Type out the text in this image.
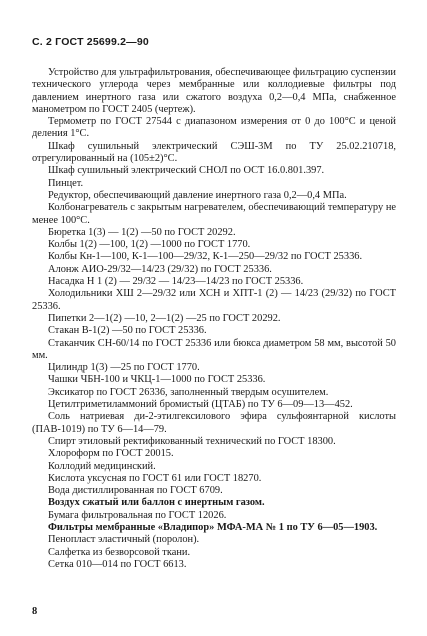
С. 2 ГОСТ 25699.2—90

Устройство для ультрафильтрования, обеспечивающее фильтрацию суспензии технического углерода через мембранные или коллодиевые фильтры под давлением инертного газа или сжатого воздуха 0,2—0,4 МПа, снабженное манометром по ГОСТ 2405 (чертеж).

Термометр по ГОСТ 27544 с диапазоном измерения от 0 до 100°С и ценой деления 1°С.

Шкаф сушильный электрический СЭШ-3М по ТУ 25.02.210718, отрегулированный на (105±2)°С.

Шкаф сушильный электрический СНОЛ по ОСТ 16.0.801.397.

Пинцет.

Редуктор, обеспечивающий давление инертного газа 0,2—0,4 МПа.

Колбонагреватель с закрытым нагревателем, обеспечивающий температуру не менее 100°С.

Бюретка 1(3) — 1(2) —50 по ГОСТ 20292.

Колбы 1(2) —100, 1(2) —1000 по ГОСТ 1770.

Колбы Кн-1—100, К-1—100—29/32, К-1—250—29/32 по ГОСТ 25336.

Алонж АИО-29/32—14/23 (29/32) по ГОСТ 25336.

Насадка Н 1 (2) — 29/32 — 14/23—14/23 по ГОСТ 25336.

Холодильники ХШ 2—29/32 или ХСН и ХПТ-1 (2) — 14/23 (29/32) по ГОСТ 25336.

Пипетки 2—1(2) —10, 2—1(2) —25 по ГОСТ 20292.

Стакан В-1(2) —50 по ГОСТ 25336.

Стаканчик СН-60/14 по ГОСТ 25336 или бюкса диаметром 58 мм, высотой 50 мм.

Цилиндр 1(3) —25 по ГОСТ 1770.

Чашки ЧБН-100 и ЧКЦ-1—1000 по ГОСТ 25336.

Эксикатор по ГОСТ 26336, заполненный твердым осушителем.

Цетилтриметиламмоний бромистый (ЦТАБ) по ТУ 6—09—13—452.

Соль натриевая ди-2-этилгексилового эфира сульфоянтарной кислоты (ПАВ-1019) по ТУ 6—14—79.

Спирт этиловый ректификованный технический по ГОСТ 18300.

Хлороформ по ГОСТ 20015.

Коллодий медицинский.

Кислота уксусная по ГОСТ 61 или ГОСТ 18270.

Вода дистиллированная по ГОСТ 6709.

Воздух сжатый или баллон с инертным газом.

Бумага фильтровальная по ГОСТ 12026.

Фильтры мембранные «Владипор» МФА-МА № 1 по ТУ 6—05—1903.

Пенопласт эластичный (поролон).

Салфетка из безворсовой ткани.

Сетка 010—014 по ГОСТ 6613.

8
